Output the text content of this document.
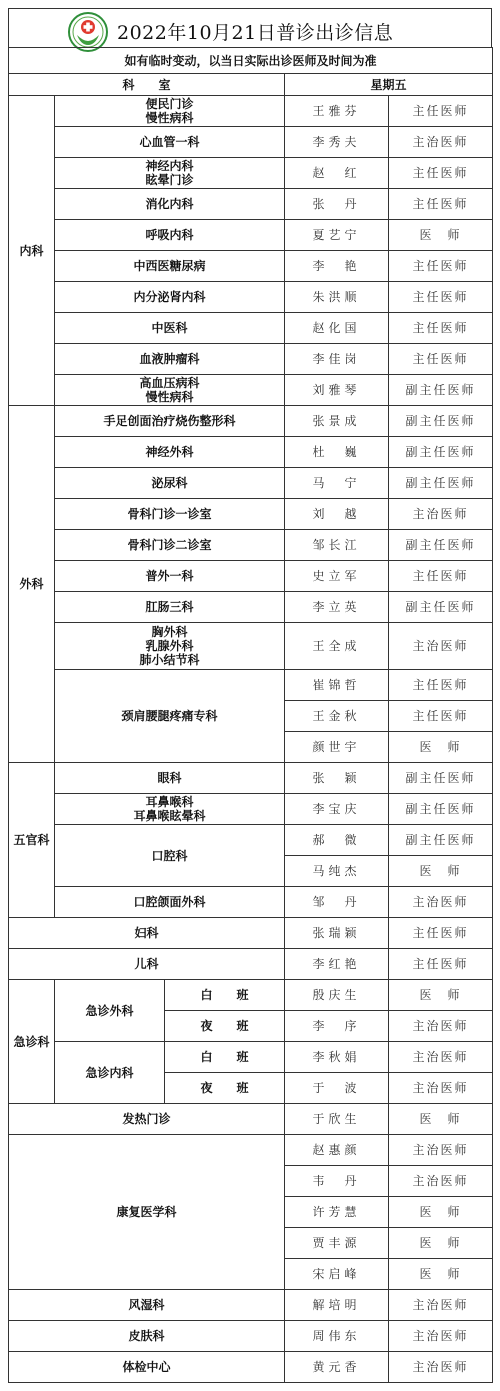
2022年10月21日普诊出诊信息
如有临时变动，以当日实际出诊医师及时间为准				
科　　室			星期五	
内科	便民门诊
慢性病科		王雅芬	主任医师
	心血管一科		李秀夫	主治医师

	神经内科
眩晕门诊		赵　红	主任医师
	消化内科		张　丹	主任医师
	呼吸内科		夏艺宁	医　师
	中西医糖尿病		李　艳	主任医师
	内分泌肾内科		朱洪顺	主任医师
	中医科		赵化国	主任医师
	血液肿瘤科		李佳岗	主任医师

	高血压病科
慢性病科		刘雅琴	副主任医师
外科	手足创面治疗烧伤整形科		张景成	副主任医师
	神经外科		杜　巍	副主任医师
	泌尿科		马　宁	副主任医师
	骨科门诊一诊室		刘　越	主治医师
	骨科门诊二诊室		邹长江	副主任医师
	普外一科		史立军	主任医师
	肛肠三科		李立英	副主任医师

	胸外科
乳腺外科
肺小结节科		王全成	主治医师
	颈肩腰腿疼痛专科		崔锦哲	主任医师
			王金秋	主任医师
			颜世宇	医　师
五官科	眼科		张　颖	副主任医师

	耳鼻喉科
耳鼻喉眩晕科		李宝庆	副主任医师
	口腔科		郝　微	副主任医师
			马纯杰	医　师
	口腔颌面外科		邹　丹	主治医师
妇科			张瑞颖	主任医师
儿科			李红艳	主任医师
急诊科	急诊外科	白　　班	殷庆生	医　师
		夜　　班	李　序	主治医师
	急诊内科	白　　班	李秋娟	主治医师
		夜　　班	于　波	主治医师
发热门诊			于欣生	医　师
康复医学科			赵惠颜	主治医师
			韦　丹	主治医师
			许芳慧	医　师
			贾丰源	医　师
			宋启峰	医　师
风湿科			解培明	主治医师
皮肤科			周伟东	主治医师
体检中心			黄元香	主治医师
